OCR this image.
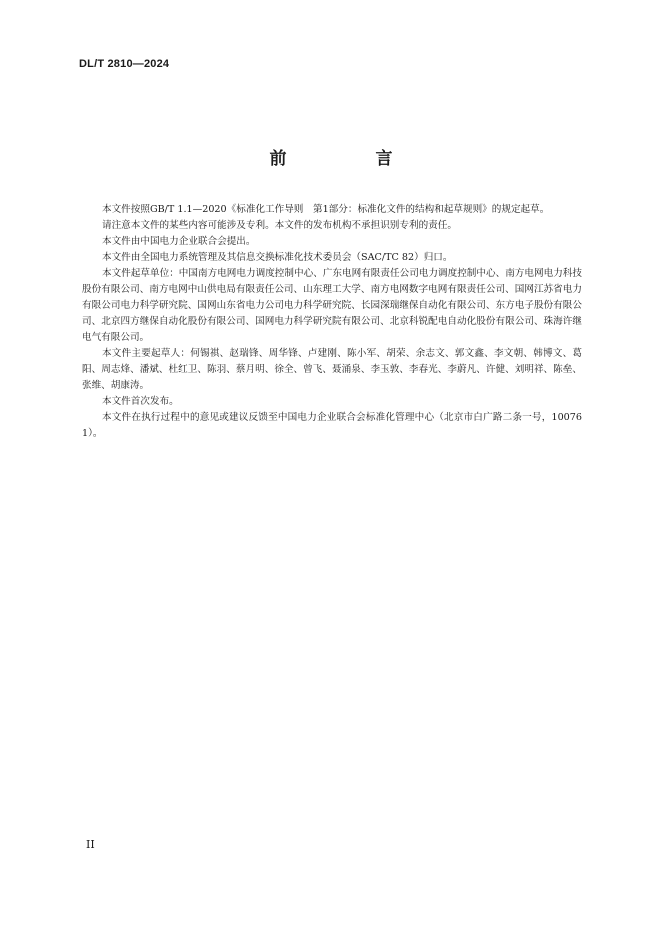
DL/T 2810—2024

前　言

本文件按照GB/T 1.1—2020《标准化工作导则　第1部分：标准化文件的结构和起草规则》的规定起草。

请注意本文件的某些内容可能涉及专利。本文件的发布机构不承担识别专利的责任。

本文件由中国电力企业联合会提出。

本文件由全国电力系统管理及其信息交换标准化技术委员会（SAC/TC 82）归口。

本文件起草单位：中国南方电网电力调度控制中心、广东电网有限责任公司电力调度控制中心、南方电网电力科技股份有限公司、南方电网中山供电局有限责任公司、山东理工大学、南方电网数字电网有限责任公司、国网江苏省电力有限公司电力科学研究院、国网山东省电力公司电力科学研究院、长园深瑞继保自动化有限公司、东方电子股份有限公司、北京四方继保自动化股份有限公司、国网电力科学研究院有限公司、北京科锐配电自动化股份有限公司、珠海许继电气有限公司。

本文件主要起草人：何锡祺、赵瑞锋、周华锋、卢建刚、陈小军、胡荣、余志文、郭文鑫、李文朝、韩博文、葛阳、周志烽、潘斌、杜红卫、陈羽、蔡月明、徐全、曾飞、聂涌泉、李玉敦、李春光、李蔚凡、许健、刘明祥、陈垒、张维、胡康涛。

本文件首次发布。

本文件在执行过程中的意见或建议反馈至中国电力企业联合会标准化管理中心（北京市白广路二条一号，100761）。

II
